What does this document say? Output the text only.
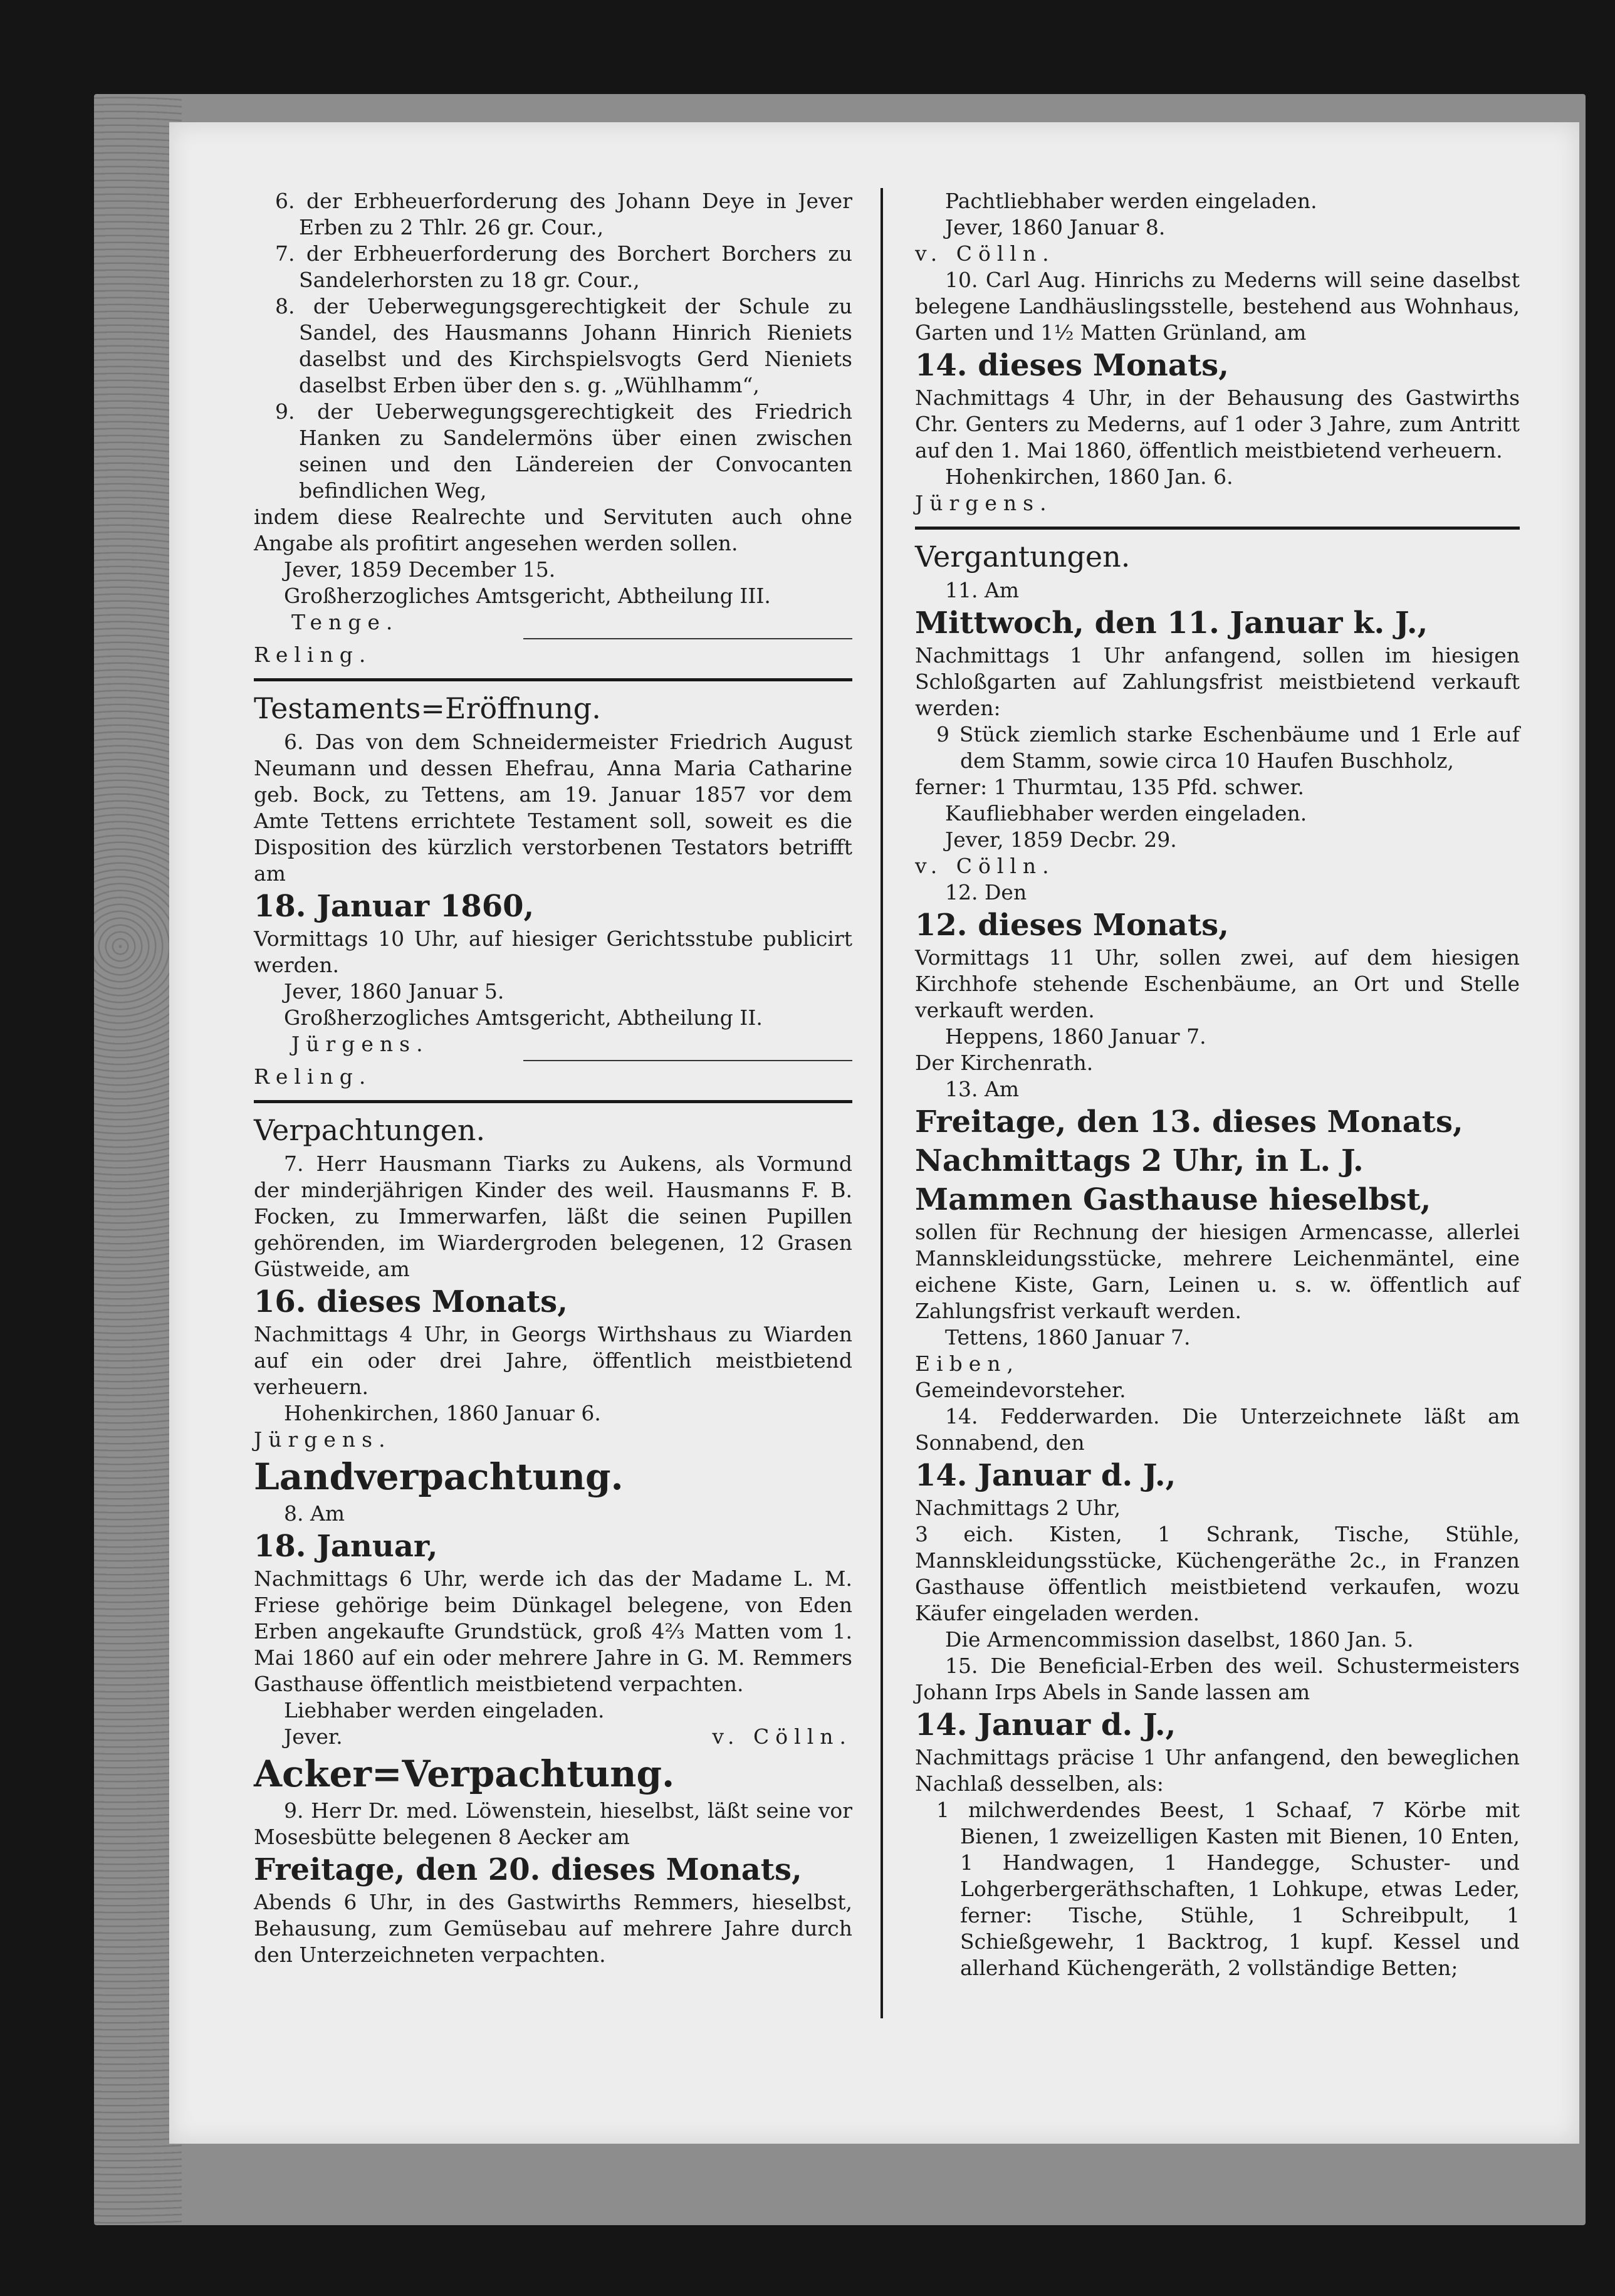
6. der Erbheuerforderung des Johann Deye in Jever Erben zu 2 Thlr. 26 gr. Cour.,

7. der Erbheuerforderung des Borchert Borchers zu Sandelerhorsten zu 18 gr. Cour.,

8. der Ueberwegungsgerechtigkeit der Schule zu Sandel, des Hausmanns Johann Hinrich Rieniets daselbst und des Kirchspielsvogts Gerd Nieniets daselbst Erben über den s. g. „Wühlhamm“,

9. der Ueberwegungsgerechtigkeit des Friedrich Hanken zu Sandelermöns über einen zwischen seinen und den Ländereien der Convocanten befindlichen Weg,

indem diese Realrechte und Servituten auch ohne Angabe als profitirt angesehen werden sollen.

Jever, 1859 December 15.

Großherzogliches Amtsgericht, Abtheilung III.

Tenge.

Reling.

Testaments=Eröffnung.

6. Das von dem Schneidermeister Friedrich August Neumann und dessen Ehefrau, Anna Maria Catharine geb. Bock, zu Tettens, am 19. Januar 1857 vor dem Amte Tettens errichtete Testament soll, soweit es die Disposition des kürzlich verstorbenen Testators betrifft am

18. Januar 1860,

Vormittags 10 Uhr, auf hiesiger Gerichtsstube publicirt werden.

Jever, 1860 Januar 5.

Großherzogliches Amtsgericht, Abtheilung II.

Jürgens.

Reling.

Verpachtungen.

7. Herr Hausmann Tiarks zu Aukens, als Vormund der minderjährigen Kinder des weil. Hausmanns F. B. Focken, zu Immerwarfen, läßt die seinen Pupillen gehörenden, im Wiardergroden belegenen, 12 Grasen Güstweide, am

16. dieses Monats,

Nachmittags 4 Uhr, in Georgs Wirthshaus zu Wiarden auf ein oder drei Jahre, öffentlich meistbietend verheuern.

Hohenkirchen, 1860 Januar 6.

Jürgens.

Landverpachtung.

8. Am

18. Januar,

Nachmittags 6 Uhr, werde ich das der Madame L. M. Friese gehörige beim Dünkagel belegene, von Eden Erben angekaufte Grundstück, groß 4⅔ Matten vom 1. Mai 1860 auf ein oder mehrere Jahre in G. M. Remmers Gasthause öffentlich meistbietend verpachten.

Liebhaber werden eingeladen.

Jever.	v. Cölln.

Acker=Verpachtung.

9. Herr Dr. med. Löwenstein, hieselbst, läßt seine vor Mosesbütte belegenen 8 Aecker am

Freitage, den 20. dieses Monats,

Abends 6 Uhr, in des Gastwirths Remmers, hieselbst, Behausung, zum Gemüsebau auf mehrere Jahre durch den Unterzeichneten verpachten.

Pachtliebhaber werden eingeladen.

Jever, 1860 Januar 8.

v. Cölln.

10. Carl Aug. Hinrichs zu Mederns will seine daselbst belegene Landhäuslingsstelle, bestehend aus Wohnhaus, Garten und 1½ Matten Grünland, am

14. dieses Monats,

Nachmittags 4 Uhr, in der Behausung des Gastwirths Chr. Genters zu Mederns, auf 1 oder 3 Jahre, zum Antritt auf den 1. Mai 1860, öffentlich meistbietend verheuern.

Hohenkirchen, 1860 Jan. 6.

Jürgens.

Vergantungen.

11. Am

Mittwoch, den 11. Januar k. J.,

Nachmittags 1 Uhr anfangend, sollen im hiesigen Schloßgarten auf Zahlungsfrist meistbietend verkauft werden:

9 Stück ziemlich starke Eschenbäume und 1 Erle auf dem Stamm, sowie circa 10 Haufen Buschholz,

ferner: 1 Thurmtau, 135 Pfd. schwer.

Kaufliebhaber werden eingeladen.

Jever, 1859 Decbr. 29.

v. Cölln.

12. Den

12. dieses Monats,

Vormittags 11 Uhr, sollen zwei, auf dem hiesigen Kirchhofe stehende Eschenbäume, an Ort und Stelle verkauft werden.

Heppens, 1860 Januar 7.

Der Kirchenrath.

13. Am

Freitage, den 13. dieses Monats,

Nachmittags 2 Uhr, in L. J.

Mammen Gasthause hieselbst,

sollen für Rechnung der hiesigen Armencasse, allerlei Mannskleidungsstücke, mehrere Leichenmäntel, eine eichene Kiste, Garn, Leinen u. s. w. öffentlich auf Zahlungsfrist verkauft werden.

Tettens, 1860 Januar 7.

Eiben,

Gemeindevorsteher.

14. Fedderwarden. Die Unterzeichnete läßt am Sonnabend, den

14. Januar d. J.,

Nachmittags 2 Uhr,

3 eich. Kisten, 1 Schrank, Tische, Stühle, Mannskleidungsstücke, Küchengeräthe 2c., in Franzen Gasthause öffentlich meistbietend verkaufen, wozu Käufer eingeladen werden.

Die Armencommission daselbst, 1860 Jan. 5.

15. Die Beneficial-Erben des weil. Schustermeisters Johann Irps Abels in Sande lassen am

14. Januar d. J.,

Nachmittags präcise 1 Uhr anfangend, den beweglichen Nachlaß desselben, als:

1 milchwerdendes Beest, 1 Schaaf, 7 Körbe mit Bienen, 1 zweizelligen Kasten mit Bienen, 10 Enten, 1 Handwagen, 1 Handegge, Schuster- und Lohgerbergeräthschaften, 1 Lohkupe, etwas Leder, ferner: Tische, Stühle, 1 Schreibpult, 1 Schießgewehr, 1 Backtrog, 1 kupf. Kessel und allerhand Küchengeräth, 2 vollständige Betten;
